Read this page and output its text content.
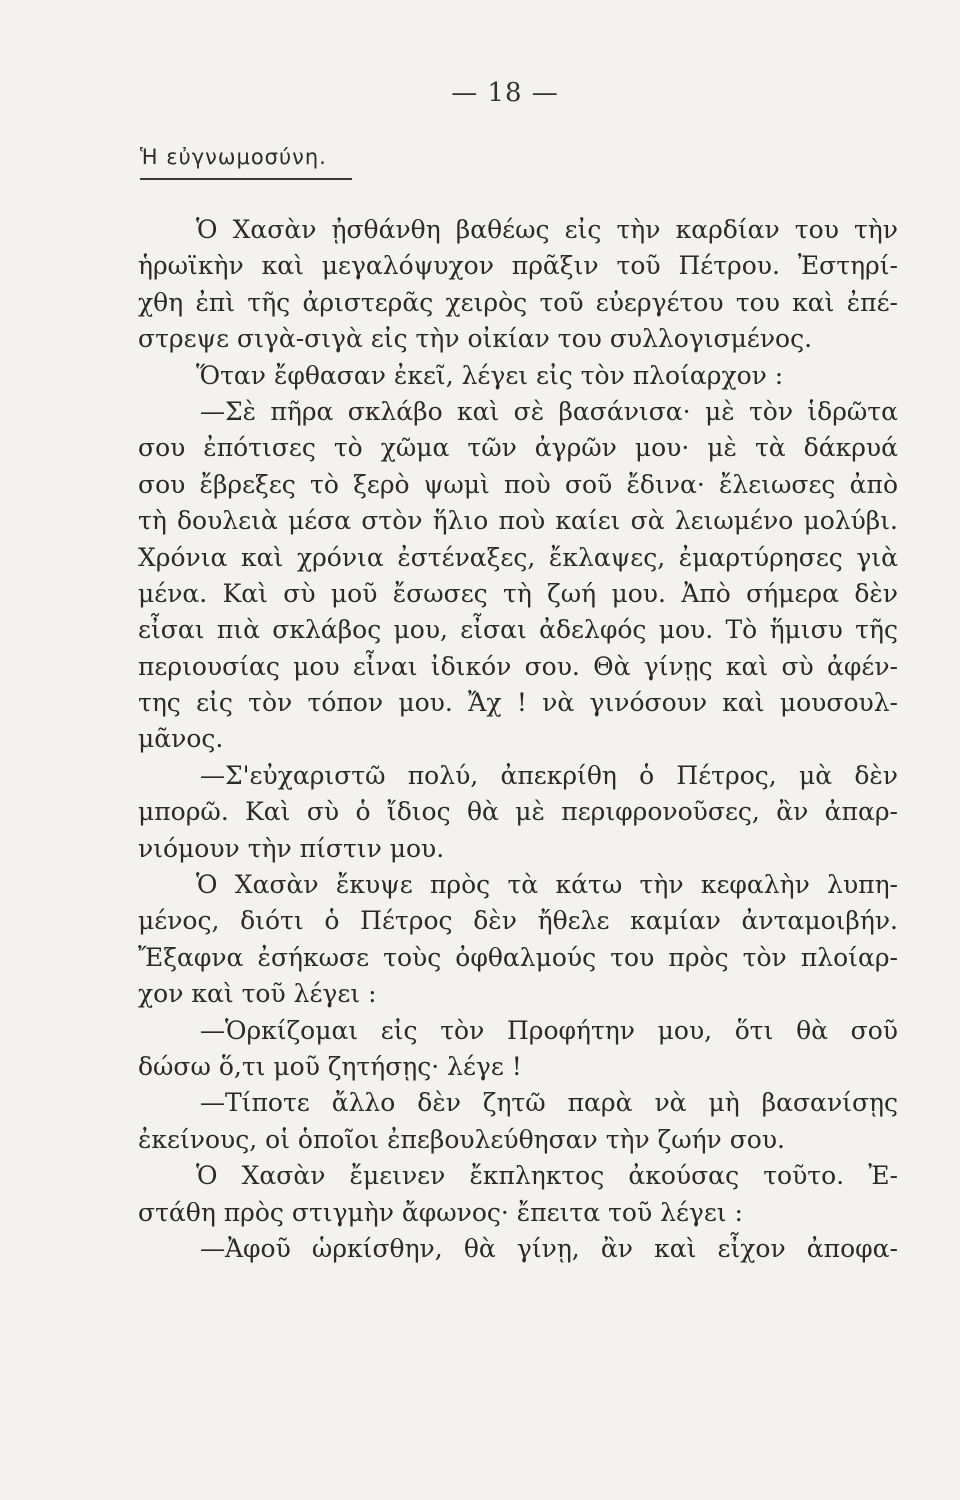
— 18 —
Ἡ εὐγνωμοσύνη.
Ὁ Χασὰν ᾐσθάνθη βαθέως εἰς τὴν καρδίαν του τὴν
ἡρωϊκὴν καὶ μεγαλόψυχον πρᾶξιν τοῦ Πέτρου. Ἐστηρί-
χθη ἐπὶ τῆς ἀριστερᾶς χειρὸς τοῦ εὐεργέτου του καὶ ἐπέ-
στρεψε σιγὰ-σιγὰ εἰς τὴν οἰκίαν του συλλογισμένος.
Ὅταν ἔφθασαν ἐκεῖ, λέγει εἰς τὸν πλοίαρχον :
—Σὲ πῆρα σκλάβο καὶ σὲ βασάνισα· μὲ τὸν ἱδρῶτα
σου ἐπότισες τὸ χῶμα τῶν ἀγρῶν μου· μὲ τὰ δάκρυά
σου ἔβρεξες τὸ ξερὸ ψωμὶ ποὺ σοῦ ἔδινα· ἔλειωσες ἀπὸ
τὴ δουλειὰ μέσα στὸν ἥλιο ποὺ καίει σὰ λειωμένο μολύβι.
Χρόνια καὶ χρόνια ἐστέναξες, ἔκλαψες, ἐμαρτύρησες γιὰ
μένα. Καὶ σὺ μοῦ ἔσωσες τὴ ζωή μου. Ἀπὸ σήμερα δὲν
εἶσαι πιὰ σκλάβος μου, εἶσαι ἀδελφός μου. Τὸ ἥμισυ τῆς
περιουσίας μου εἶναι ἰδικόν σου. Θὰ γίνῃς καὶ σὺ ἀφέν-
της εἰς τὸν τόπον μου. Ἄχ ! νὰ γινόσουν καὶ μουσουλ-
μᾶνος.
—Σ'εὐχαριστῶ πολύ, ἀπεκρίθη ὁ Πέτρος, μὰ δὲν
μπορῶ. Καὶ σὺ ὁ ἴδιος θὰ μὲ περιφρονοῦσες, ἂν ἀπαρ-
νιόμουν τὴν πίστιν μου.
Ὁ Χασὰν ἔκυψε πρὸς τὰ κάτω τὴν κεφαλὴν λυπη-
μένος, διότι ὁ Πέτρος δὲν ἤθελε καμίαν ἀνταμοιβήν.
Ἔξαφνα ἐσήκωσε τοὺς ὀφθαλμούς του πρὸς τὸν πλοίαρ-
χον καὶ τοῦ λέγει :
—Ὁρκίζομαι εἰς τὸν Προφήτην μου, ὅτι θὰ σοῦ
δώσω ὅ,τι μοῦ ζητήσῃς· λέγε !
—Τίποτε ἄλλο δὲν ζητῶ παρὰ νὰ μὴ βασανίσῃς
ἐκείνους, οἱ ὁποῖοι ἐπεβουλεύθησαν τὴν ζωήν σου.
Ὁ Χασὰν ἔμεινεν ἔκπληκτος ἀκούσας τοῦτο. Ἐ-
στάθη πρὸς στιγμὴν ἄφωνος· ἔπειτα τοῦ λέγει :
—Ἀφοῦ ὡρκίσθην, θὰ γίνῃ, ἂν καὶ εἶχον ἀποφα-
